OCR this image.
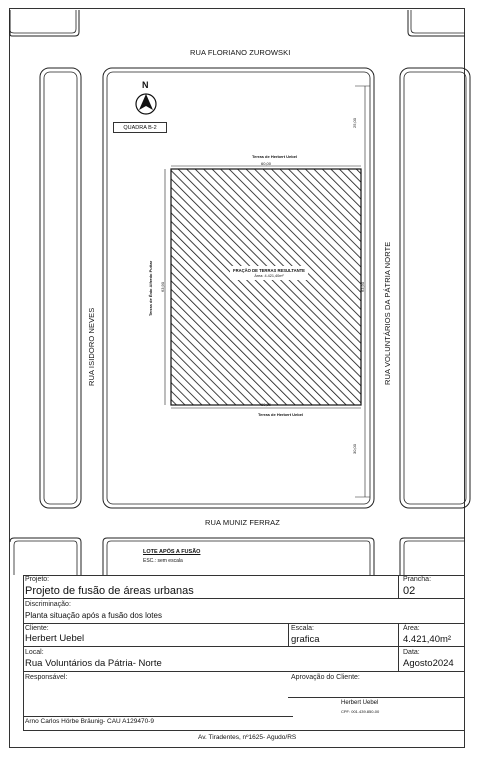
N
QUADRA B-2
RUA FLORIANO ZUROWSKI
RUA MUNIZ FERRAZ
RUA ISIDORO NEVES	RUA VOLUNTÁRIOS DA PÁTRIA NORTE
Terras de Herbert Uebel
Terras de Herbert Uebel
Terras de Ênio Alfredo Puttar
60,00
60,00
63,90	63,90
25,00
30,00
FRAÇÃO DE TERRAS RESULTANTE
Área: 4.421,40m²
LOTE APÓS A FUSÃO
ESC.: sem escala
Projeto:
Projeto de fusão de áreas urbanas
Prancha:
02
Discriminação:
Planta situação após a fusão dos lotes
Cliente:
Herbert Uebel
Escala:
grafica
Área:
4.421,40m²
Local:
Rua Voluntários da Pátria- Norte
Data:
Agosto2024
Responsável:	Aprovação do Cliente:
Herbert Uebel
CPF: 001.439.850-00
Arno Carlos Hörbe Bräunig- CAU A129470-9
Av. Tiradentes, nº1625- Agudo/RS
